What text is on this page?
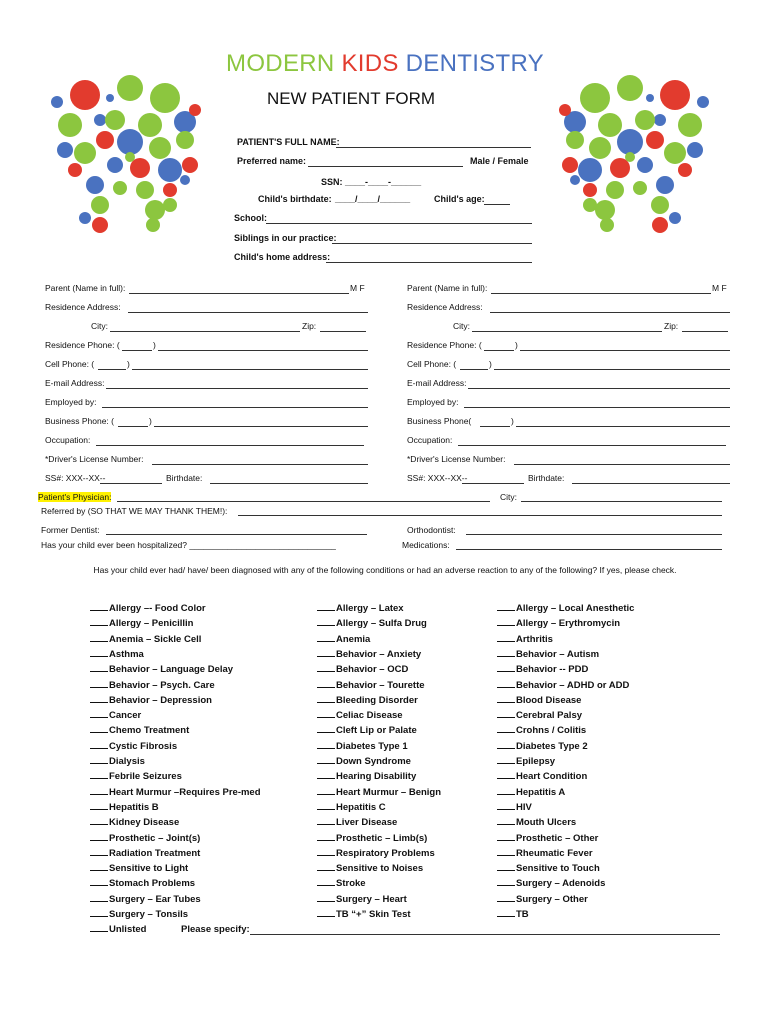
MODERN KIDS DENTISTRY
NEW PATIENT FORM
PATIENT'S FULL NAME:
Preferred name:	Male / Female
SSN: ____-____-______
Child's birthdate: ____/____/______	Child's age:
School:
Siblings in our practice:
Child's home address:
Parent (Name in full):	M F
Residence Address:
City:	Zip:
Residence Phone: (	)
Cell Phone: (	)
E-mail Address:
Employed by:
Business Phone: (	)
Occupation:
*Driver's License Number:
SS#: XXX--XX--	Birthdate:
Parent (Name in full):	M F
Residence Address:
City:	Zip:
Residence Phone: (	)
Cell Phone: (	)
E-mail Address:
Employed by:
Business Phone(	)
Occupation:
*Driver's License Number:
SS#: XXX--XX--	Birthdate:
Patient's Physician:	City:
Referred by (SO THAT WE MAY THANK THEM!):
Former Dentist:	Orthodontist:
Has your child ever been hospitalized? _______________________________	Medications:
Has your child ever had/ have/ been diagnosed with any of the following conditions or had an adverse reaction to any of the following? If yes, please check.
Allergy –- Food Color
Allergy – Penicillin
Anemia – Sickle Cell
Asthma
Behavior – Language Delay
Behavior – Psych. Care
Behavior – Depression
Cancer
Chemo Treatment
Cystic Fibrosis
Dialysis
Febrile Seizures
Heart Murmur –Requires Pre-med
Hepatitis B
Kidney Disease
Prosthetic – Joint(s)
Radiation Treatment
Sensitive to Light
Stomach Problems
Surgery – Ear Tubes
Surgery – Tonsils
Unlisted
Allergy – Latex
Allergy – Sulfa Drug
Anemia
Behavior – Anxiety
Behavior – OCD
Behavior – Tourette
Bleeding Disorder
Celiac Disease
Cleft Lip or Palate
Diabetes Type 1
Down Syndrome
Hearing Disability
Heart Murmur – Benign
Hepatitis C
Liver Disease
Prosthetic – Limb(s)
Respiratory Problems
Sensitive to Noises
Stroke
Surgery – Heart
TB “+” Skin Test
Allergy – Local Anesthetic
Allergy – Erythromycin
Arthritis
Behavior – Autism
Behavior -- PDD
Behavior – ADHD or ADD
Blood Disease
Cerebral Palsy
Crohns / Colitis
Diabetes Type 2
Epilepsy
Heart Condition
Hepatitis A
HIV
Mouth Ulcers
Prosthetic – Other
Rheumatic Fever
Sensitive to Touch
Surgery – Adenoids
Surgery – Other
TB
Please specify:
